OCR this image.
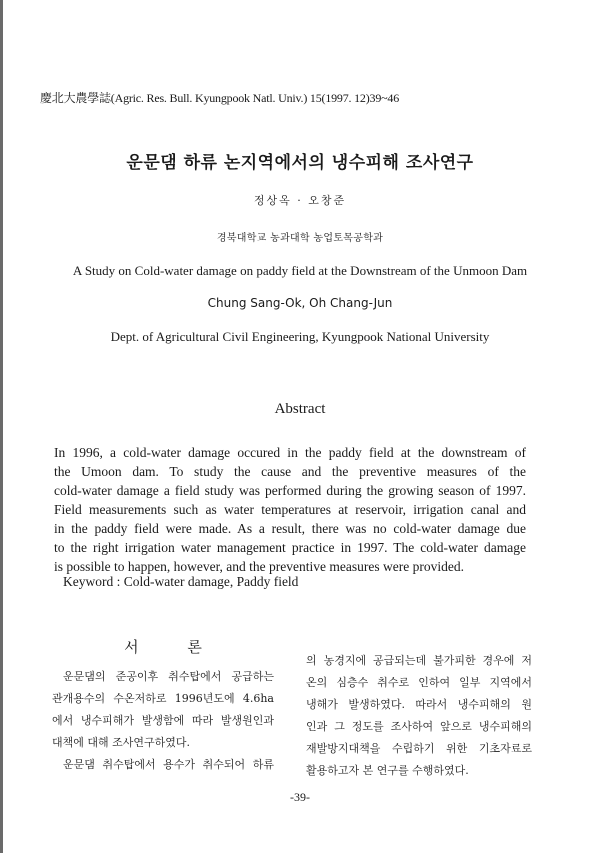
慶北大農學誌(Agric. Res. Bull. Kyungpook Natl. Univ.) 15(1997. 12)39~46
운문댐 하류 논지역에서의 냉수피해 조사연구
정상옥 · 오창준
경북대학교 농과대학 농업토목공학과
A Study on Cold-water damage on paddy field at the Downstream of the Unmoon Dam
Chung Sang-Ok, Oh Chang-Jun
Dept. of Agricultural Civil Engineering, Kyungpook National University
Abstract
In 1996, a cold-water damage occured in the paddy field at the downstream of
the Umoon dam. To study the cause and the preventive measures of the
cold-water damage a field study was performed during the growing season of 1997.
Field measurements such as water temperatures at reservoir, irrigation canal and
in the paddy field were made. As a result, there was no cold-water damage due
to the right irrigation water management practice in 1997. The cold-water damage
is possible to happen, however, and the preventive measures were provided.
Keyword : Cold-water damage, Paddy field
서 론
운문댐의 준공이후 취수탑에서 공급하는
관개용수의 수온저하로 1996년도에 4.6ha
에서 냉수피해가 발생함에 따라 발생원인과
대책에 대해 조사연구하였다.
운문댐 취수탑에서 용수가 취수되어 하류
의 농경지에 공급되는데 불가피한 경우에 저
온의 심층수 취수로 인하여 일부 지역에서
냉해가 발생하였다. 따라서 냉수피해의 원
인과 그 정도를 조사하여 앞으로 냉수피해의
재발방지대책을 수립하기 위한 기초자료로
활용하고자 본 연구를 수행하였다.
-39-
